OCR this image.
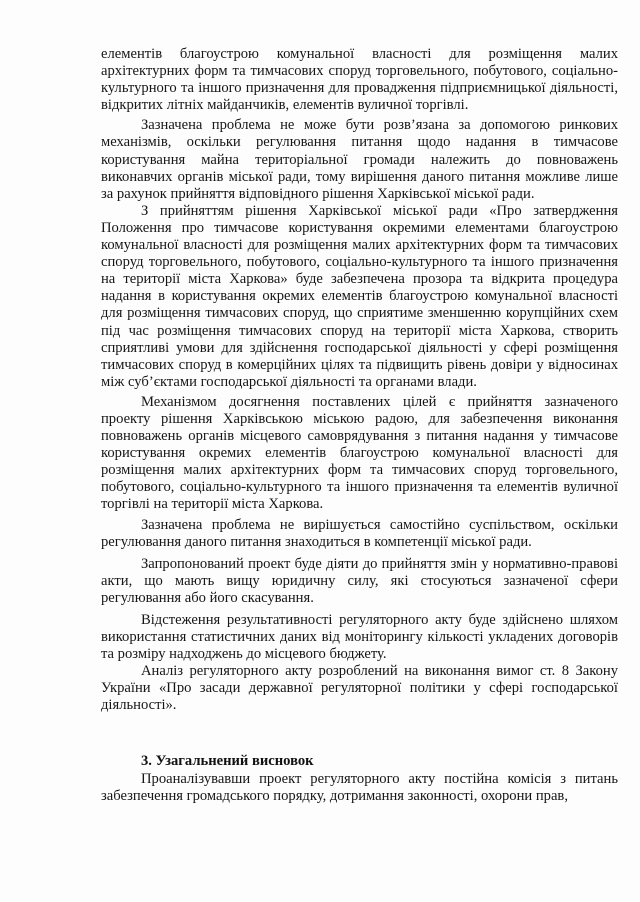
елементів благоустрою комунальної власності для розміщення малих архітектурних форм та тимчасових споруд торговельного, побутового, соціально-культурного та іншого призначення для провадження підприємницької діяльності, відкритих літніх майданчиків, елементів вуличної торгівлі.

Зазначена проблема не може бути розв’язана за допомогою ринкових механізмів, оскільки регулювання питання щодо надання в тимчасове користування майна територіальної громади належить до повноважень виконавчих органів міської ради, тому вирішення даного питання можливе лише за рахунок прийняття відповідного рішення Харківської міської ради.

З прийняттям рішення Харківської міської ради «Про затвердження Положення про тимчасове користування окремими елементами благоустрою комунальної власності для розміщення малих архітектурних форм та тимчасових споруд торговельного, побутового, соціально-культурного та іншого призначення на території міста Харкова» буде забезпечена прозора та відкрита процедура надання в користування окремих елементів благоустрою комунальної власності для розміщення тимчасових споруд, що сприятиме зменшенню корупційних схем під час розміщення тимчасових споруд на території міста Харкова, створить сприятливі умови для здійснення господарської діяльності у сфері розміщення тимчасових споруд в комерційних цілях та підвищить рівень довіри у відносинах між суб’єктами господарської діяльності та органами влади.

Механізмом досягнення поставлених цілей є прийняття зазначеного проекту рішення Харківською міською радою, для забезпечення виконання повноважень органів місцевого самоврядування з питання надання у тимчасове користування окремих елементів благоустрою комунальної власності для розміщення малих архітектурних форм та тимчасових споруд торговельного, побутового, соціально-культурного та іншого призначення та елементів вуличної торгівлі на території міста Харкова.

Зазначена проблема не вирішується самостійно суспільством, оскільки регулювання даного питання знаходиться в компетенції міської ради.

Запропонований проект буде діяти до прийняття змін у нормативно-правові акти, що мають вищу юридичну силу, які стосуються зазначеної сфери регулювання або його скасування.

Відстеження результативності регуляторного акту буде здійснено шляхом використання статистичних даних від моніторингу кількості укладених договорів та розміру надходжень до місцевого бюджету.

Аналіз регуляторного акту розроблений на виконання вимог ст. 8 Закону України «Про засади державної регуляторної політики у сфері господарської діяльності».

3. Узагальнений висновок

Проаналізувавши проект регуляторного акту постійна комісія з питань забезпечення громадського порядку, дотримання законності, охорони прав,
